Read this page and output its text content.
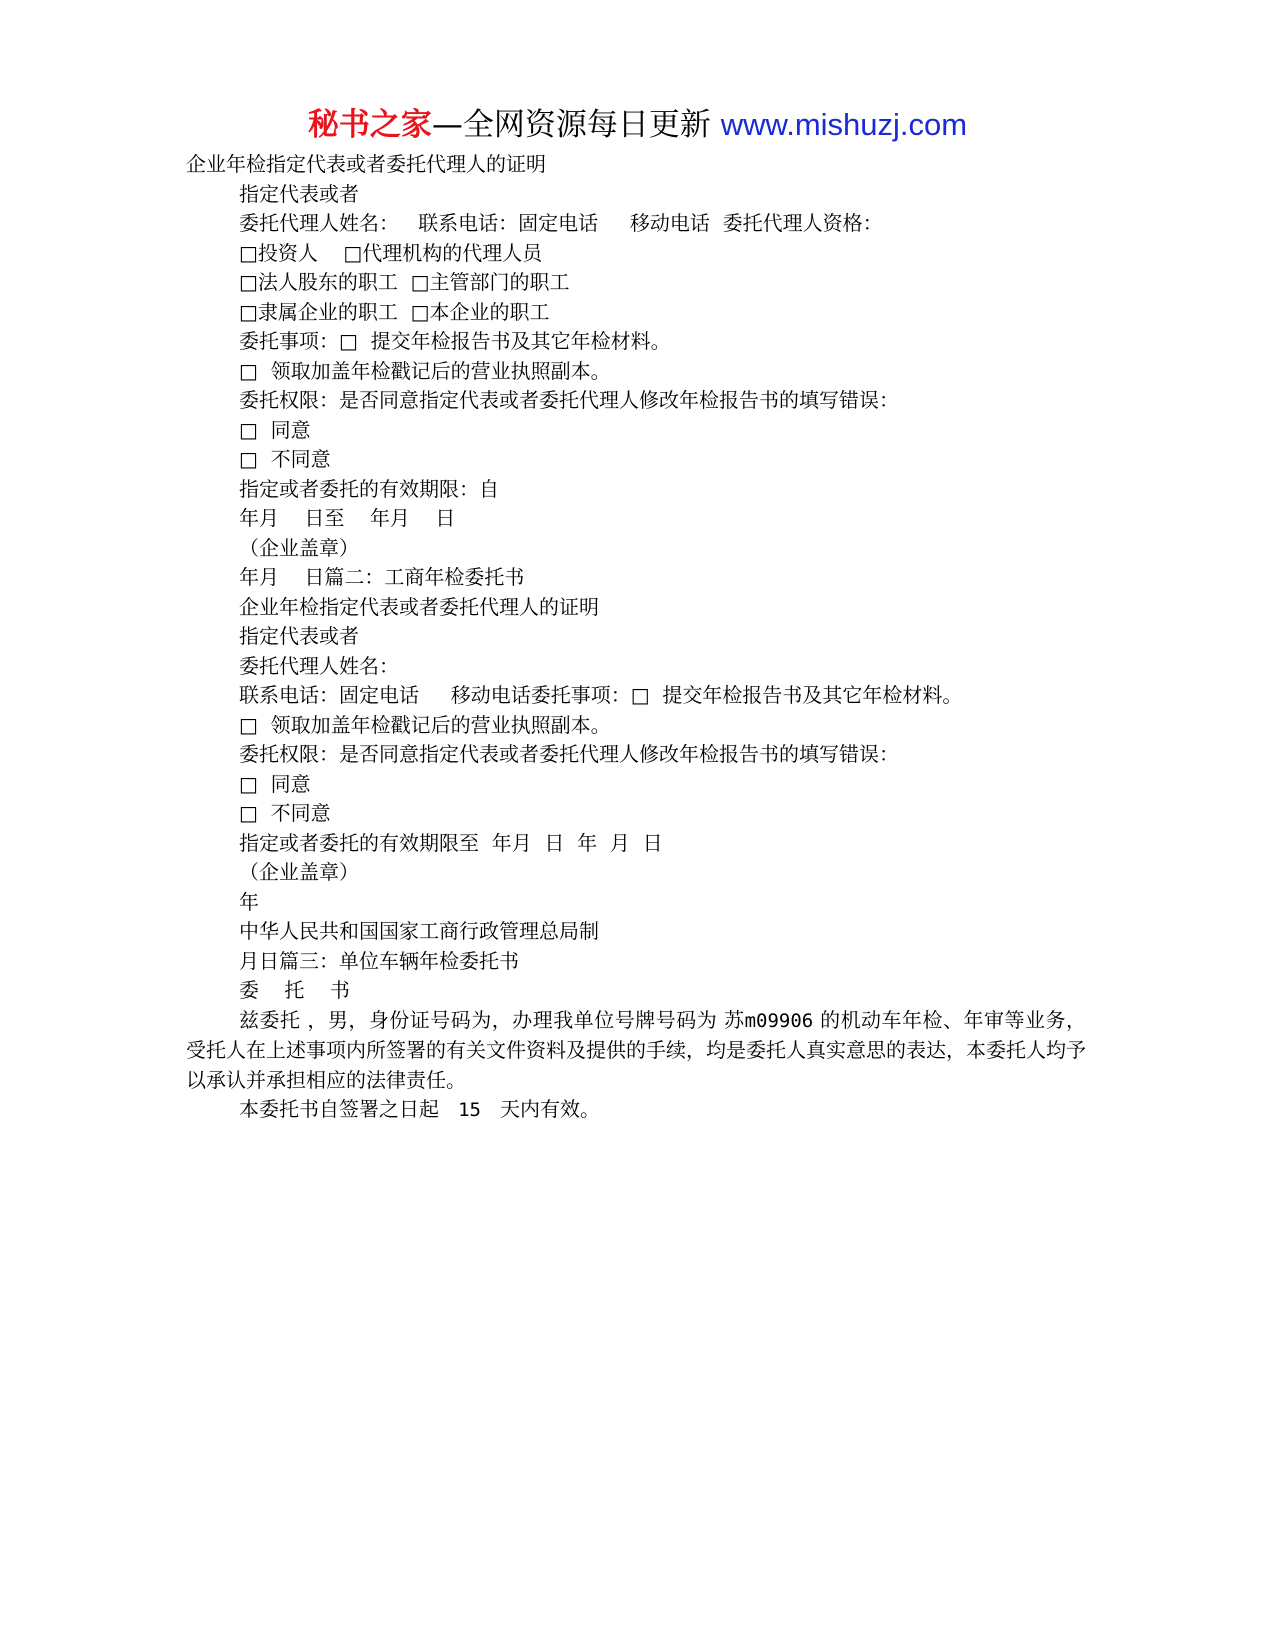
秘书之家—全网资源每日更新 www.mishuzj.com
企业年检指定代表或者委托代理人的证明
指定代表或者
委托代理人姓名：   联系电话：固定电话     移动电话  委托代理人资格：
□投资人    □代理机构的代理人员
□法人股东的职工  □主管部门的职工
□隶属企业的职工  □本企业的职工
委托事项：□  提交年检报告书及其它年检材料。
□  领取加盖年检戳记后的营业执照副本。
委托权限：是否同意指定代表或者委托代理人修改年检报告书的填写错误：
□  同意
□  不同意
指定或者委托的有效期限：自
年月    日至    年月    日
（企业盖章）
年月    日篇二：工商年检委托书
企业年检指定代表或者委托代理人的证明
指定代表或者
委托代理人姓名：
联系电话：固定电话     移动电话委托事项：□  提交年检报告书及其它年检材料。
□  领取加盖年检戳记后的营业执照副本。
委托权限：是否同意指定代表或者委托代理人修改年检报告书的填写错误：
□  同意
□  不同意
指定或者委托的有效期限至  年月  日  年  月  日
（企业盖章）
年
中华人民共和国国家工商行政管理总局制
月日篇三：单位车辆年检委托书
委    托    书

兹委托 ，男，身份证号码为，办理我单位号牌号码为 苏m09906 的机动车年检、年审等业务，受托人在上述事项内所签署的有关文件资料及提供的手续，均是委托人真实意思的表达，本委托人均予以承认并承担相应的法律责任。

本委托书自签署之日起   15   天内有效。
